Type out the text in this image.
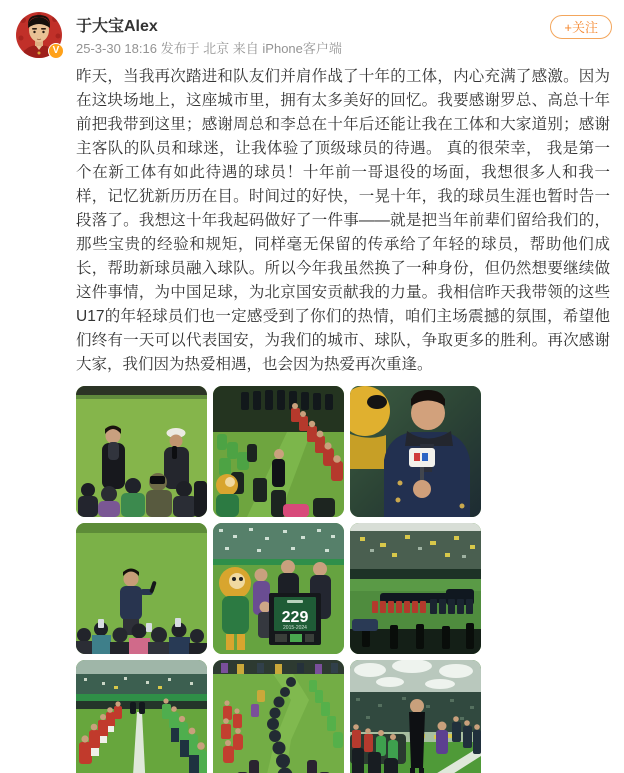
V
于大宝Alex
25-3-30 18:16 发布于 北京 来自 iPhone客户端
+关注
昨天，当我再次踏进和队友们并肩作战了十年的工体，内心充满了感激。因为在这块场地上，这座城市里，拥有太多美好的回忆。我要感谢罗总、高总十年前把我带到这里；感谢周总和李总在十年后还能让我在工体和大家道别；感谢主客队的队员和球迷，让我体验了顶级球员的待遇。 真的很荣幸， 我是第一个在新工体有如此待遇的球员！十年前一哥退役的场面，我想很多人和我一样，记忆犹新历历在目。时间过的好快，一晃十年，我的球员生涯也暂时告一段落了。我想这十年我起码做好了一件事——就是把当年前辈们留给我们的，那些宝贵的经验和规矩，同样毫无保留的传承给了年轻的球员，帮助他们成长，帮助新球员融入球队。所以今年我虽然换了一种身份，但仍然想要继续做这件事情，为中国足球，为北京国安贡献我的力量。我相信昨天我带领的这些U17的年轻球员们也一定感受到了你们的热情，咱们主场震撼的氛围，希望他们终有一天可以代表国安，为我们的城市、球队，争取更多的胜利。再次感谢大家，我们因为热爱相遇，也会因为热爱再次重逢。
229
2015-2024
